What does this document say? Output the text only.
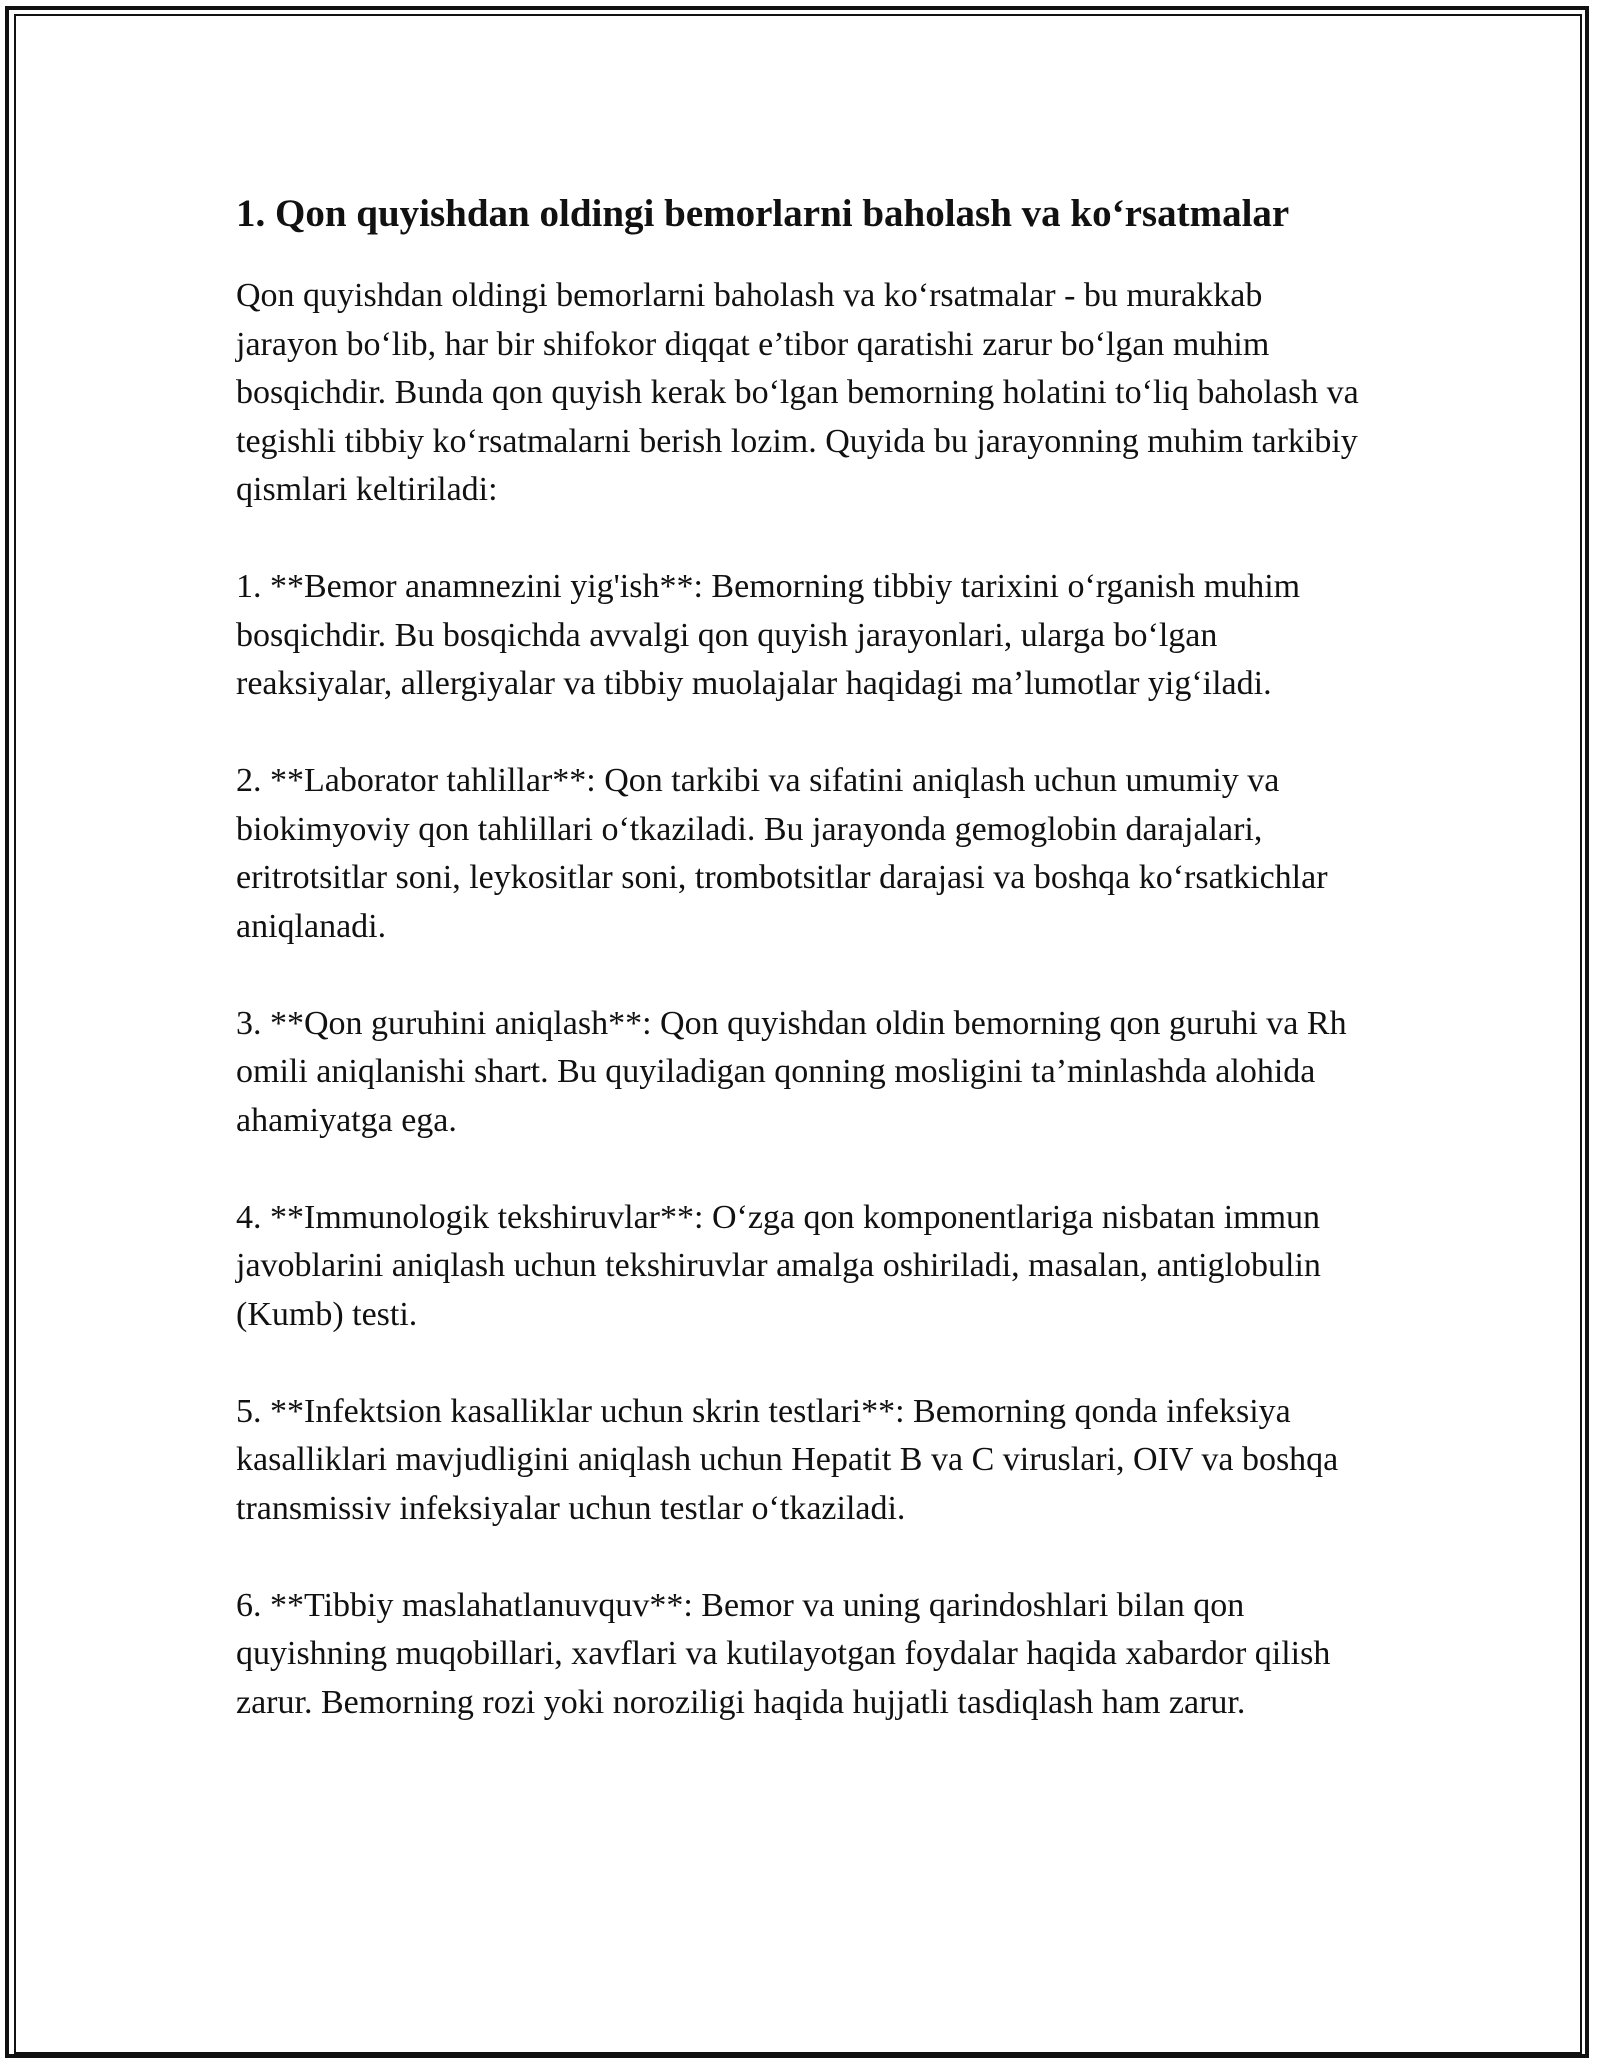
1. Qon quyishdan oldingi bemorlarni baholash va ko‘rsatmalar

Qon quyishdan oldingi bemorlarni baholash va ko‘rsatmalar - bu murakkab jarayon bo‘lib, har bir shifokor diqqat e’tibor qaratishi zarur bo‘lgan muhim bosqichdir. Bunda qon quyish kerak bo‘lgan bemorning holatini to‘liq baholash va tegishli tibbiy ko‘rsatmalarni berish lozim. Quyida bu jarayonning muhim tarkibiy qismlari keltiriladi:

1. **Bemor anamnezini yig'ish**: Bemorning tibbiy tarixini o‘rganish muhim bosqichdir. Bu bosqichda avvalgi qon quyish jarayonlari, ularga bo‘lgan reaksiyalar, allergiyalar va tibbiy muolajalar haqidagi ma’lumotlar yig‘iladi.

2. **Laborator tahlillar**: Qon tarkibi va sifatini aniqlash uchun umumiy va biokimyoviy qon tahlillari o‘tkaziladi. Bu jarayonda gemoglobin darajalari, eritrotsitlar soni, leykositlar soni, trombotsitlar darajasi va boshqa ko‘rsatkichlar aniqlanadi.

3. **Qon guruhini aniqlash**: Qon quyishdan oldin bemorning qon guruhi va Rh omili aniqlanishi shart. Bu quyiladigan qonning mosligini ta’minlashda alohida ahamiyatga ega.

4. **Immunologik tekshiruvlar**: O‘zga qon komponentlariga nisbatan immun javoblarini aniqlash uchun tekshiruvlar amalga oshiriladi, masalan, antiglobulin (Kumb) testi.

5. **Infektsion kasalliklar uchun skrin testlari**: Bemorning qonda infeksiya kasalliklari mavjudligini aniqlash uchun Hepatit B va C viruslari, OIV va boshqa transmissiv infeksiyalar uchun testlar o‘tkaziladi.

6. **Tibbiy maslahatlanuvquv**: Bemor va uning qarindoshlari bilan qon quyishning muqobillari, xavflari va kutilayotgan foydalar haqida xabardor qilish zarur. Bemorning rozi yoki noroziligi haqida hujjatli tasdiqlash ham zarur.
